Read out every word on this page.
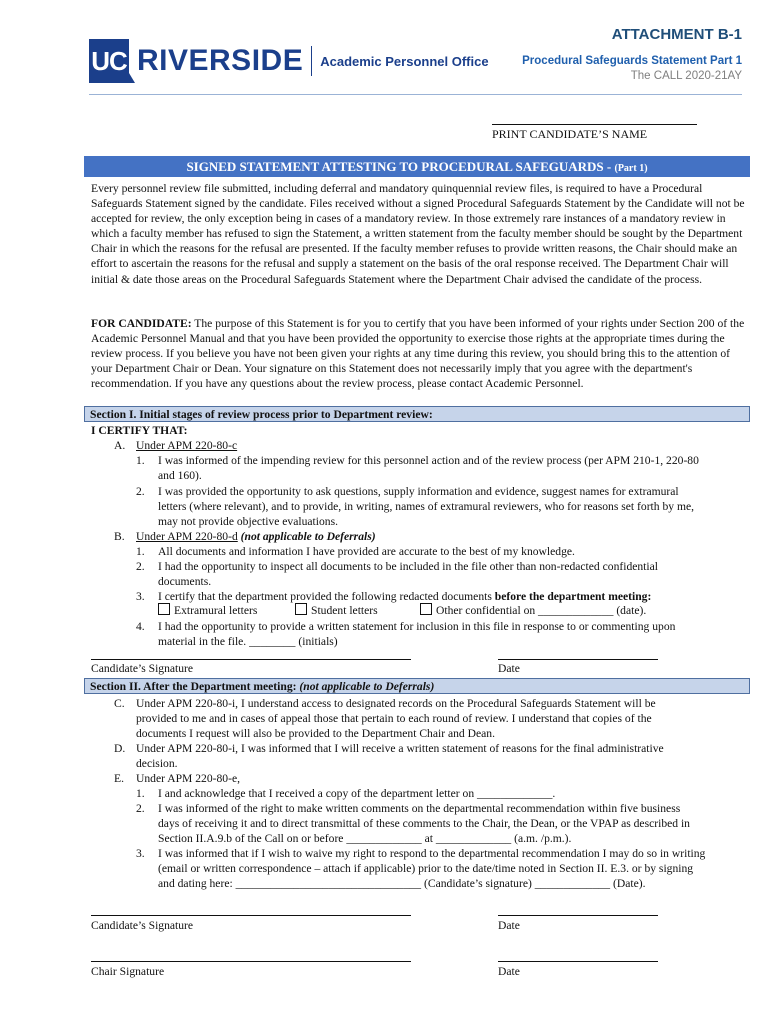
UC RIVERSIDE Academic Personnel Office
ATTACHMENT B-1
Procedural Safeguards Statement Part 1
The CALL 2020-21AY
PRINT CANDIDATE’S NAME
SIGNED STATEMENT ATTESTING TO PROCEDURAL SAFEGUARDS - (Part 1)
Every personnel review file submitted, including deferral and mandatory quinquennial review files, is required to have a Procedural Safeguards Statement signed by the candidate. Files received without a signed Procedural Safeguards Statement by the Candidate will not be accepted for review, the only exception being in cases of a mandatory review. In those extremely rare instances of a mandatory review in which a faculty member has refused to sign the Statement, a written statement from the faculty member should be sought by the Department Chair in which the reasons for the refusal are presented. If the faculty member refuses to provide written reasons, the Chair should make an effort to ascertain the reasons for the refusal and supply a statement on the basis of the oral response received. The Department Chair will initial & date those areas on the Procedural Safeguards Statement where the Department Chair advised the candidate of the process.
FOR CANDIDATE: The purpose of this Statement is for you to certify that you have been informed of your rights under Section 200 of the Academic Personnel Manual and that you have been provided the opportunity to exercise those rights at the appropriate times during the review process. If you believe you have not been given your rights at any time during this review, you should bring this to the attention of your Department Chair or Dean. Your signature on this Statement does not necessarily imply that you agree with the department's recommendation. If you have any questions about the review process, please contact Academic Personnel.
Section I. Initial stages of review process prior to Department review:
I CERTIFY THAT:
A. Under APM 220-80-c
1. I was informed of the impending review for this personnel action and of the review process (per APM 210-1, 220-80
and 160).
2. I was provided the opportunity to ask questions, supply information and evidence, suggest names for extramural
letters (where relevant), and to provide, in writing, names of extramural reviewers, who for reasons set forth by me,
may not provide objective evaluations.
B. Under APM 220-80-d (not applicable to Deferrals)
1. All documents and information I have provided are accurate to the best of my knowledge.
2. I had the opportunity to inspect all documents to be included in the file other than non-redacted confidential
documents.
3. I certify that the department provided the following redacted documents before the department meeting:
Extramural letters	Student letters	Other confidential on _____________ (date).
4. I had the opportunity to provide a written statement for inclusion in this file in response to or commenting upon
material in the file. ________ (initials)
Candidate’s Signature	Date
Section II. After the Department meeting: (not applicable to Deferrals)
C. Under APM 220-80-i, I understand access to designated records on the Procedural Safeguards Statement will be
provided to me and in cases of appeal those that pertain to each round of review. I understand that copies of the
documents I request will also be provided to the Department Chair and Dean.
D. Under APM 220-80-i, I was informed that I will receive a written statement of reasons for the final administrative
decision.
E. Under APM 220-80-e,
1. I and acknowledge that I received a copy of the department letter on _____________.
2. I was informed of the right to make written comments on the departmental recommendation within five business
days of receiving it and to direct transmittal of these comments to the Chair, the Dean, or the VPAP as described in
Section II.A.9.b of the Call on or before _____________ at _____________ (a.m. /p.m.).
3. I was informed that if I wish to waive my right to respond to the departmental recommendation I may do so in writing
(email or written correspondence – attach if applicable) prior to the date/time noted in Section II. E.3. or by signing
and dating here: ________________________________ (Candidate’s signature) _____________ (Date).
Candidate’s Signature	Date
Chair Signature	Date
